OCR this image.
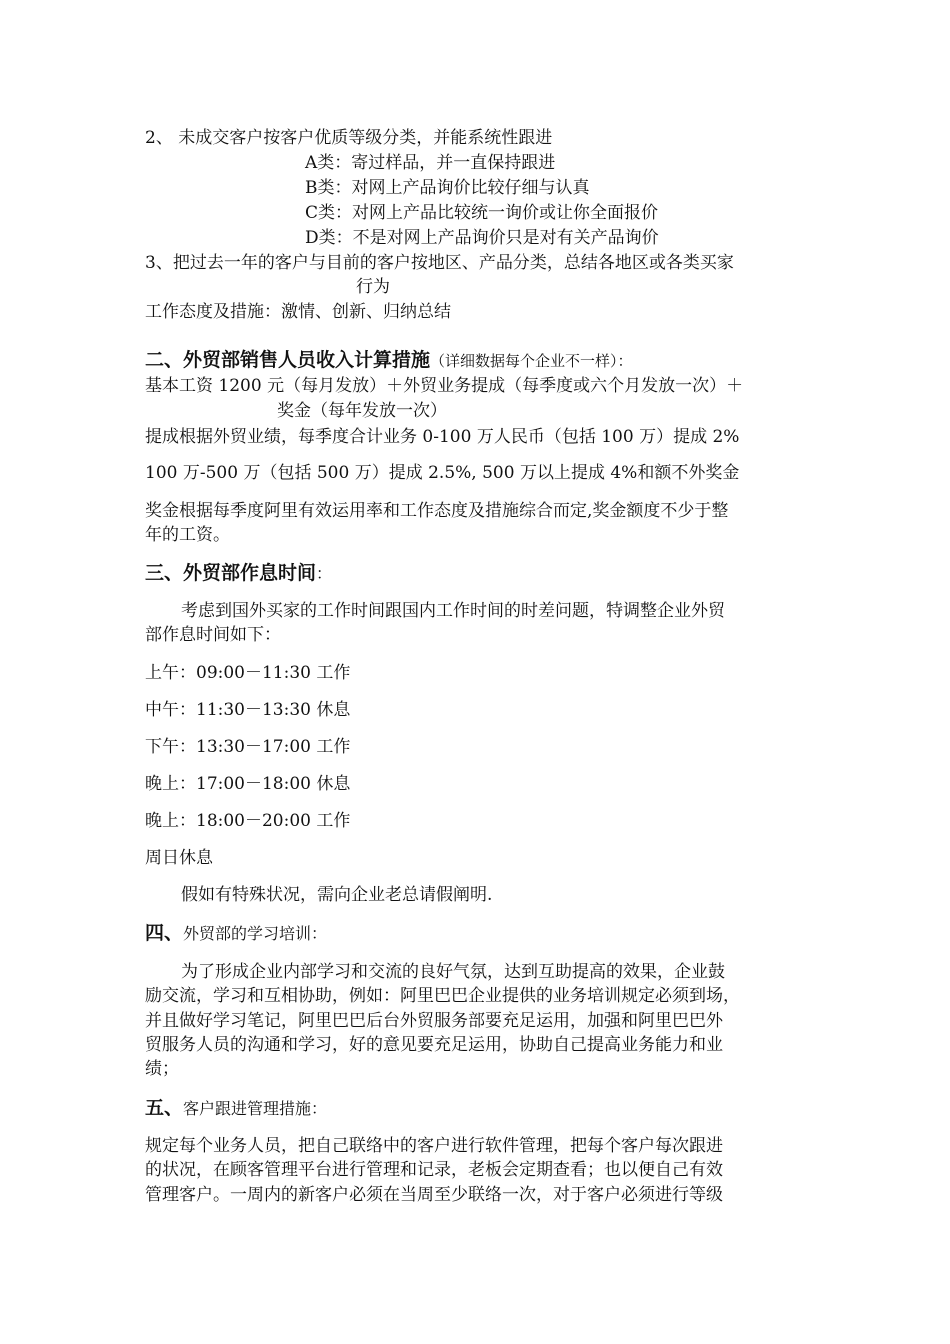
2、 未成交客户按客户优质等级分类，并能系统性跟进
A类：寄过样品，并一直保持跟进
B类：对网上产品询价比较仔细与认真
C类：对网上产品比较统一询价或让你全面报价
D类：不是对网上产品询价只是对有关产品询价
3、把过去一年的客户与目前的客户按地区、产品分类，总结各地区或各类买家
行为
工作态度及措施：激情、创新、归纳总结
二、外贸部销售人员收入计算措施（详细数据每个企业不一样）：
基本工资 1200 元（每月发放）＋外贸业务提成（每季度或六个月发放一次）＋
奖金（每年发放一次）
提成根据外贸业绩，每季度合计业务 0-100 万人民币（包括 100 万）提成 2%
100 万-500 万（包括 500 万）提成 2.5%, 500 万以上提成 4%和额不外奖金
奖金根据每季度阿里有效运用率和工作态度及措施综合而定,奖金额度不少于整
年的工资。
三、外贸部作息时间：
考虑到国外买家的工作时间跟国内工作时间的时差问题，特调整企业外贸
部作息时间如下：
上午：09:00－11:30 工作
中午：11:30－13:30 休息
下午：13:30－17:00 工作
晚上：17:00－18:00 休息
晚上：18:00－20:00 工作
周日休息
假如有特殊状况，需向企业老总请假阐明.
四、外贸部的学习培训：
为了形成企业内部学习和交流的良好气氛，达到互助提高的效果，企业鼓
励交流，学习和互相协助，例如：阿里巴巴企业提供的业务培训规定必须到场，
并且做好学习笔记，阿里巴巴后台外贸服务部要充足运用，加强和阿里巴巴外
贸服务人员的沟通和学习，好的意见要充足运用，协助自己提高业务能力和业
绩；
五、客户跟进管理措施：
规定每个业务人员，把自己联络中的客户进行软件管理，把每个客户每次跟进
的状况，在顾客管理平台进行管理和记录，老板会定期查看；也以便自己有效
管理客户。一周内的新客户必须在当周至少联络一次，对于客户必须进行等级
